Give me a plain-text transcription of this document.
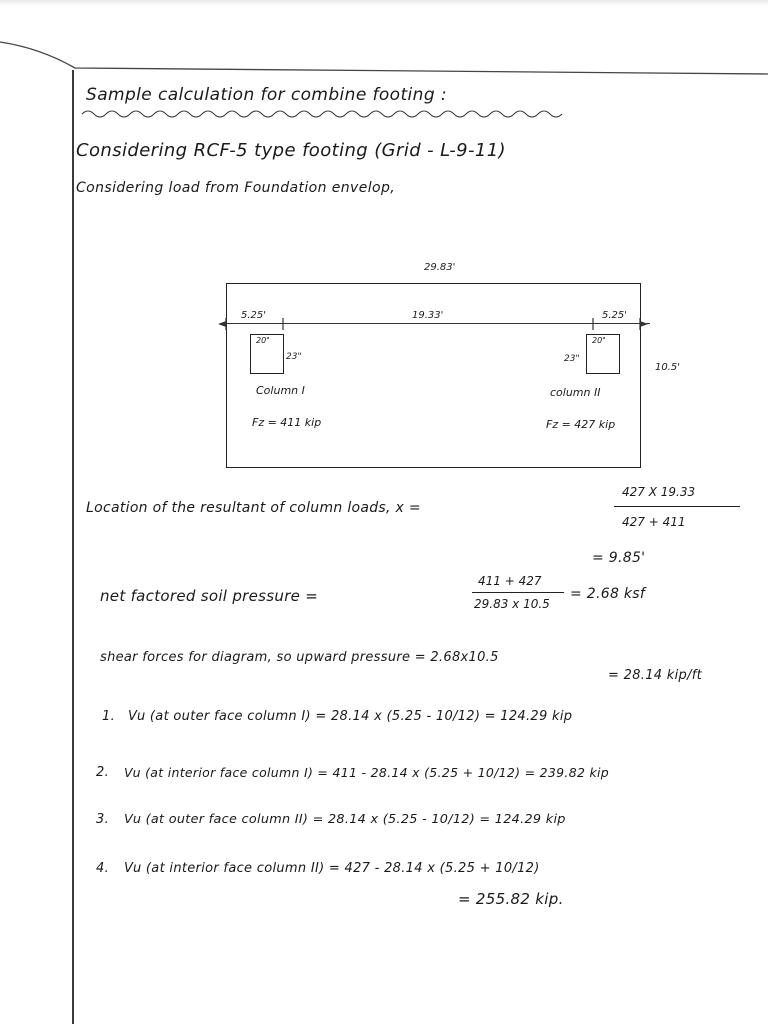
Sample calculation for combine footing :
Considering RCF-5 type footing (Grid - L-9-11)
Considering load from Foundation envelop,
29.83'
5.25'	19.33'	5.25'
10.5'
20"
23"
Column I
Fz = 411 kip
20"
23"
column II
Fz = 427 kip
Location of the resultant of column loads, x =
427 X 19.33
427 + 411
= 9.85'
net factored soil pressure =
411 + 427
29.83 x 10.5
= 2.68 ksf
shear forces for diagram, so upward pressure = 2.68x10.5
= 28.14 kip/ft
1. Vu (at outer face column I) = 28.14 x (5.25 - 10/12) = 124.29 kip
2. Vu (at interior face column I) = 411 - 28.14 x (5.25 + 10/12) = 239.82 kip
3. Vu (at outer face column II) = 28.14 x (5.25 - 10/12) = 124.29 kip
4. Vu (at interior face column II) = 427 - 28.14 x (5.25 + 10/12)
= 255.82 kip.
